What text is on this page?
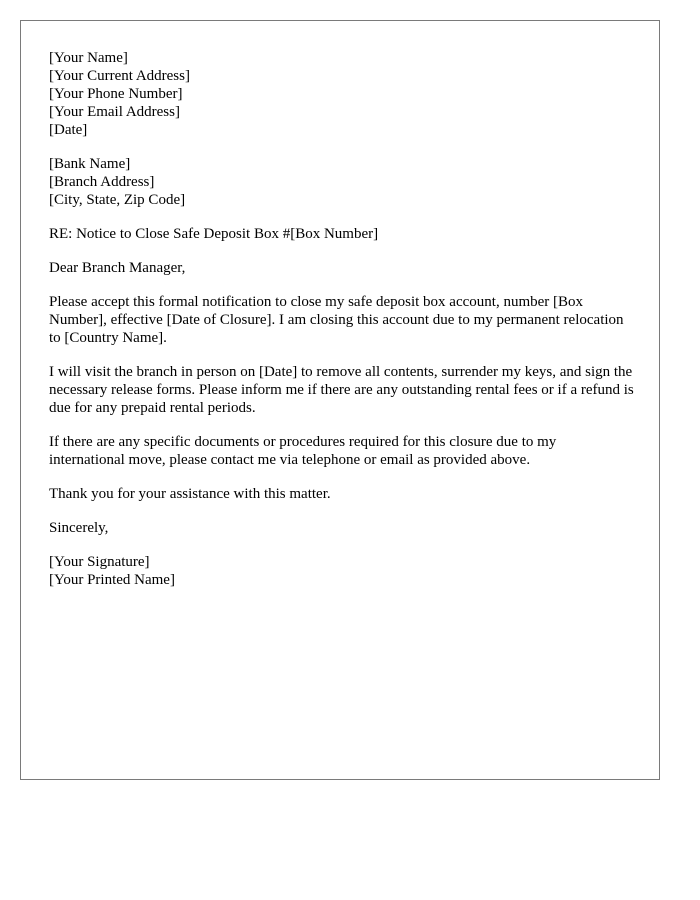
[Your Name]
[Your Current Address]
[Your Phone Number]
[Your Email Address]
[Date]
[Bank Name]
[Branch Address]
[City, State, Zip Code]
RE: Notice to Close Safe Deposit Box #[Box Number]
Dear Branch Manager,
Please accept this formal notification to close my safe deposit box account, number [Box Number], effective [Date of Closure]. I am closing this account due to my permanent relocation to [Country Name].
I will visit the branch in person on [Date] to remove all contents, surrender my keys, and sign the necessary release forms. Please inform me if there are any outstanding rental fees or if a refund is due for any prepaid rental periods.
If there are any specific documents or procedures required for this closure due to my international move, please contact me via telephone or email as provided above.
Thank you for your assistance with this matter.
Sincerely,
[Your Signature]
[Your Printed Name]
